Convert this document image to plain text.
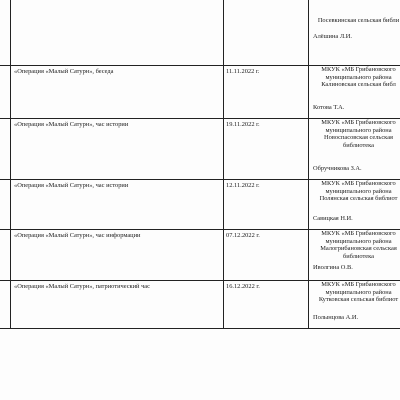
			Посевкинская сельская библи
Алёшина Л.И.

	«Операция «Малый Сатурн», беседа	11.11.2022 г.	МКУК «МБ Грибановского
муниципального района
Калиновская сельская библ
Котова Т.А.

	«Операция «Малый Сатурн», час истории	19.11.2022 г.	МКУК «МБ Грибановского
муниципального района
Новоспасовская сельская
библиотека
Обручникова З.А.

	«Операция «Малый Сатурн», час истории	12.11.2022 г.	МКУК «МБ Грибановского
муниципального района
Полянская сельская библиот
Савицкая Н.И.

	«Операция «Малый Сатурн», час информации	07.12.2022 г.	МКУК «МБ Грибановского
муниципального района
Малогрибановская сельская
библиотека
Иволгина О.В.

	«Операция «Малый Сатурн», патриотический час	16.12.2022 г.	МКУК «МБ Грибановского
муниципального района
Кутковская сельская библиот
Полынцова А.И.
